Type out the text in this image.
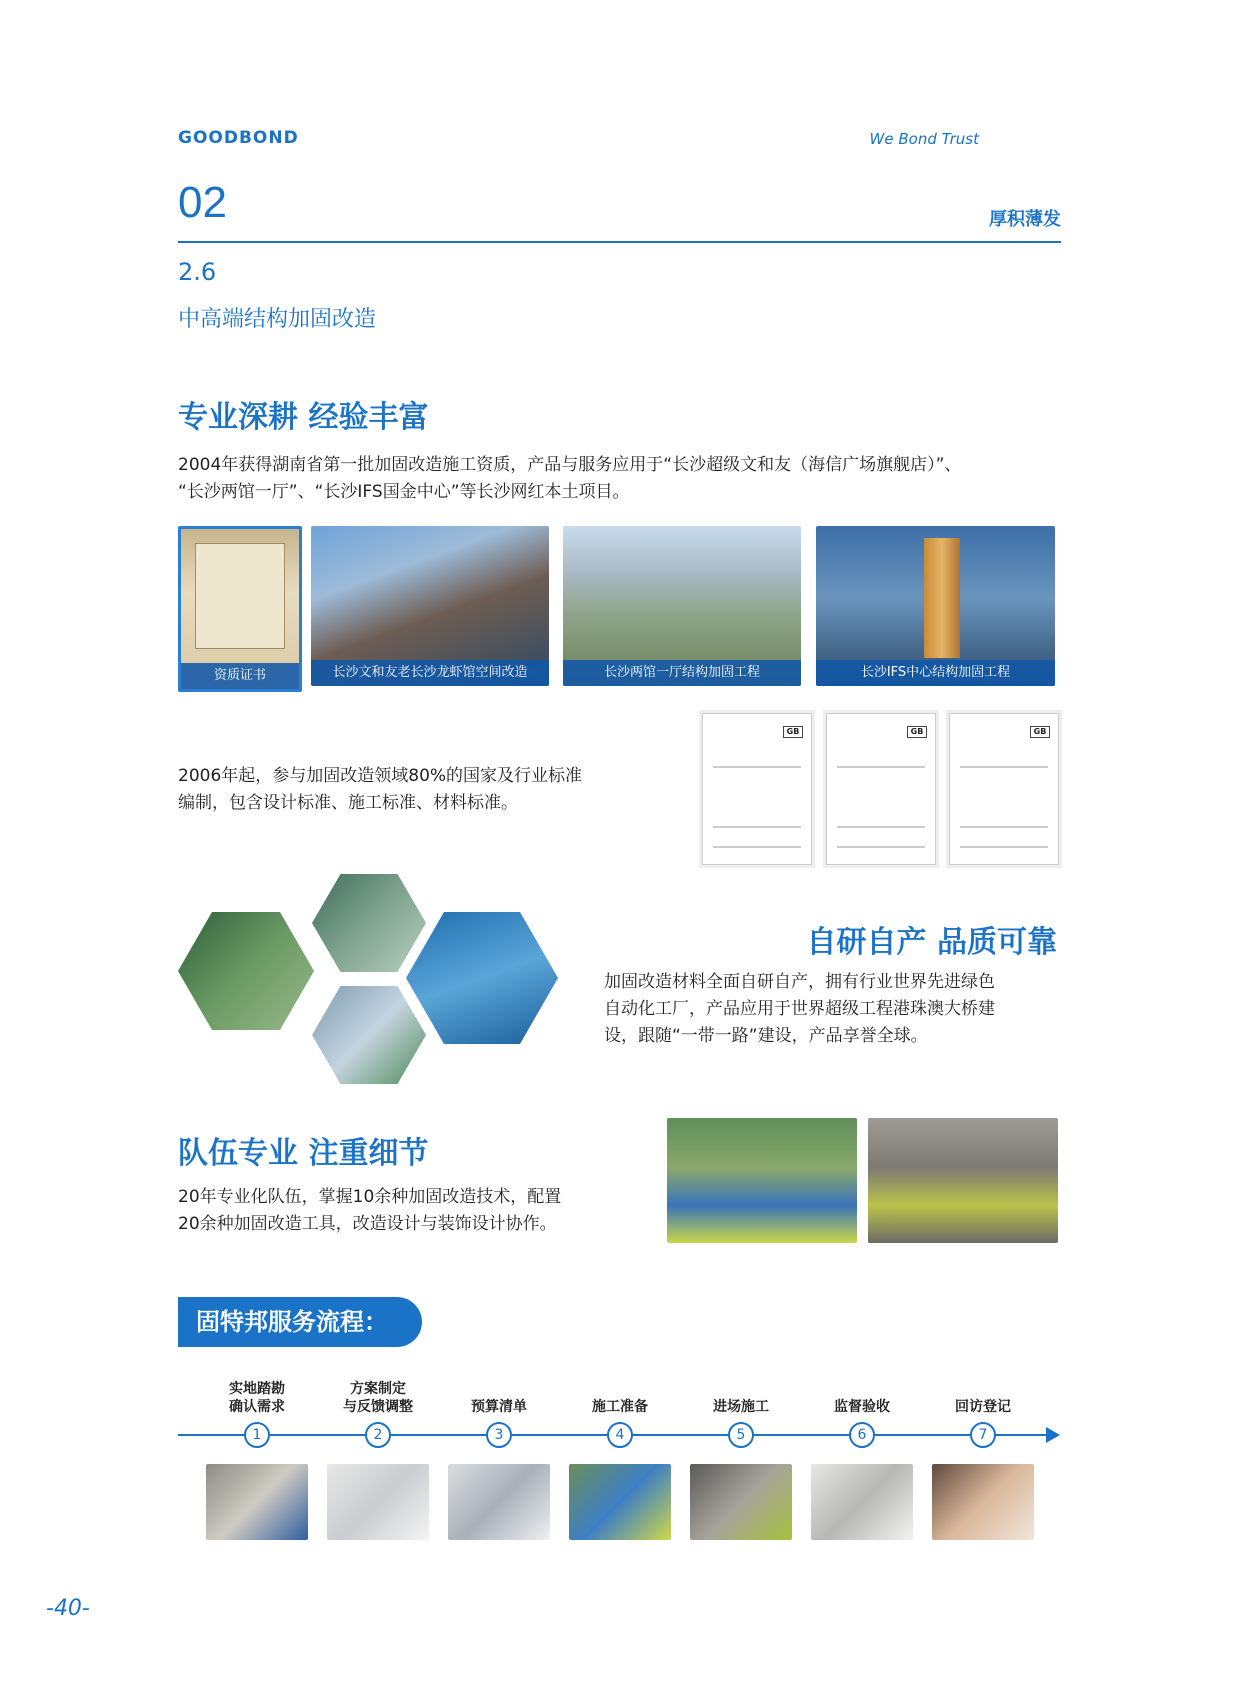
GOODBOND	We Bond Trust
02	厚积薄发
2.6
中高端结构加固改造
专业深耕 经验丰富
2004年获得湖南省第一批加固改造施工资质，产品与服务应用于“长沙超级文和友（海信广场旗舰店）”、
“长沙两馆一厅”、“长沙IFS国金中心”等长沙网红本土项目。
资质证书	长沙文和友老长沙龙虾馆空间改造	长沙两馆一厅结构加固工程	长沙IFS中心结构加固工程
2006年起，参与加固改造领域80%的国家及行业标准
编制，包含设计标准、施工标准、材料标准。
GB	GB	GB
自研自产 品质可靠
加固改造材料全面自研自产，拥有行业世界先进绿色
自动化工厂，产品应用于世界超级工程港珠澳大桥建
设，跟随“一带一路”建设，产品享誉全球。
队伍专业 注重细节
20年专业化队伍，掌握10余种加固改造技术，配置
20余种加固改造工具，改造设计与装饰设计协作。
固特邦服务流程：
实地踏勘
确认需求
1
方案制定
与反馈调整
2
预算清单
3
施工准备
4
进场施工
5
监督验收
6
回访登记
7
-40-
